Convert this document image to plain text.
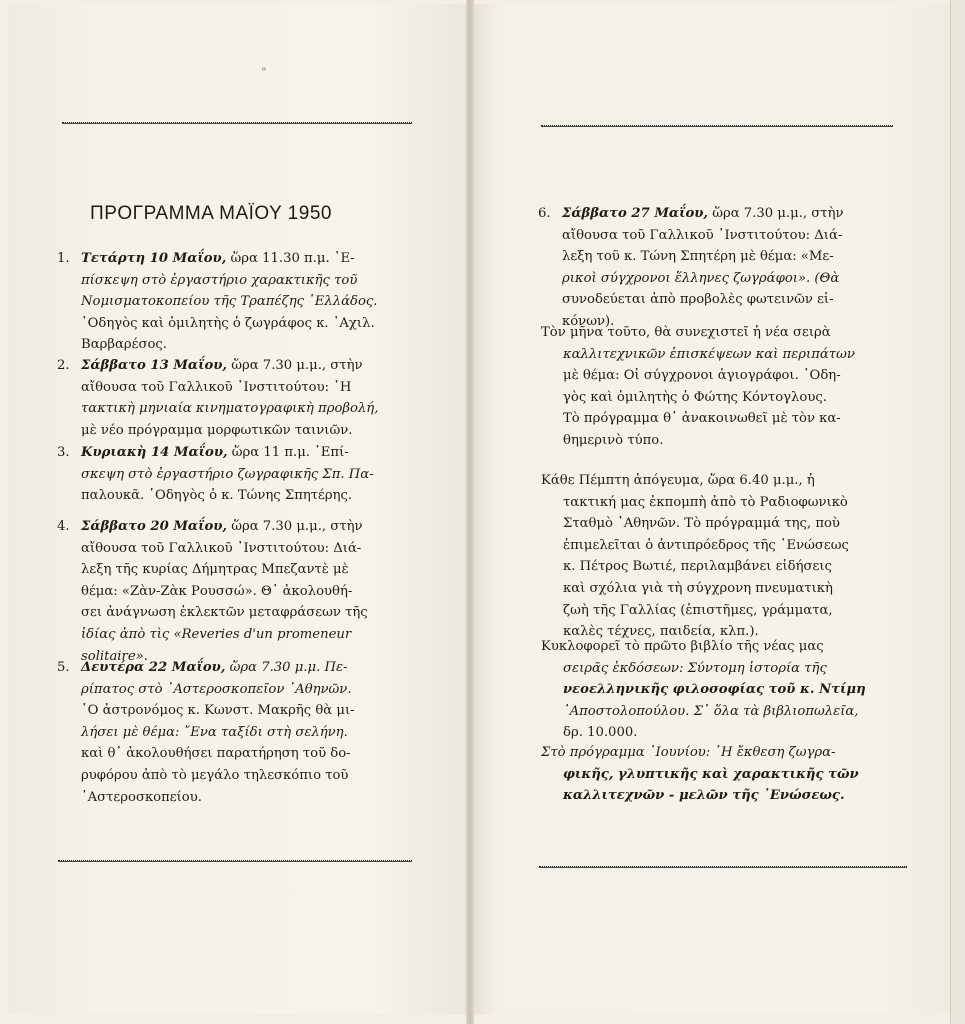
ᵒ
ΠΡΟΓΡΑΜΜΑ ΜΑΪΟΥ 1950
1. Τετάρτη 10 Μαΐου, ὥρα 11.30 π.μ. ᾿Ε-
πίσκεψη στὸ ἐργαστήριο χαρακτικῆς τοῦ
Νομισματοκοπείου τῆς Τραπέζης ῾Ελλάδος.
῾Οδηγὸς καὶ ὁμιλητὴς ὁ ζωγράφος κ. ᾿Αχιλ.
Βαρβαρέσος.
2. Σάββατο 13 Μαΐου, ὥρα 7.30 μ.μ., στὴν
αἴθουσα τοῦ Γαλλικοῦ ᾿Ινστιτούτου: ῾Η
τακτικὴ μηνιαία κινηματογραφικὴ προβολή,
μὲ νέο πρόγραμμα μορφωτικῶν ταινιῶν.
3. Κυριακὴ 14 Μαΐου, ὥρα 11 π.μ. ᾿Επί-
σκεψη στὸ ἐργαστήριο ζωγραφικῆς Σπ. Πα-
παλουκᾶ. ῾Οδηγὸς ὁ κ. Τώνης Σπητέρης.
4. Σάββατο 20 Μαΐου, ὥρα 7.30 μ.μ., στὴν
αἴθουσα τοῦ Γαλλικοῦ ᾿Ινστιτούτου: Διά-
λεξη τῆς κυρίας Δήμητρας Μπεζαντὲ μὲ
θέμα: «Ζὰν-Ζὰκ Ρουσσώ». Θ᾿ ἀκολουθή-
σει ἀνάγνωση ἐκλεκτῶν μεταφράσεων τῆς
ἰδίας ἀπὸ τὶς «Reveries d'un promeneur
solitaire».
5. Δευτέρα 22 Μαΐου, ὥρα 7.30 μ.μ. Πε-
ρίπατος στὸ ᾿Αστεροσκοπεῖον ᾿Αθηνῶν.
῾Ο ἀστρονόμος κ. Κωνστ. Μακρῆς θὰ μι-
λήσει μὲ θέμα: ῎Ενα ταξίδι στὴ σελήνη.
καὶ θ᾿ ἀκολουθήσει παρατήρηση τοῦ δο-
ρυφόρου ἀπὸ τὸ μεγάλο τηλεσκόπιο τοῦ
᾿Αστεροσκοπείου.
6. Σάββατο 27 Μαΐου, ὥρα 7.30 μ.μ., στὴν
αἴθουσα τοῦ Γαλλικοῦ ᾿Ινστιτούτου: Διά-
λεξη τοῦ κ. Τώνη Σπητέρη μὲ θέμα: «Με-
ρικοὶ σύγχρονοι ἕλληνες ζωγράφοι». (Θὰ
συνοδεύεται ἀπὸ προβολὲς φωτεινῶν εἰ-
κόνων).
Τὸν μῆνα τοῦτο, θὰ συνεχιστεῖ ἡ νέα σειρὰ
καλλιτεχνικῶν ἐπισκέψεων καὶ περιπάτων
μὲ θέμα: Οἱ σύγχρονοι ἁγιογράφοι. ῾Οδη-
γὸς καὶ ὁμιλητὴς ὁ Φώτης Κόντογλους.
Τὸ πρόγραμμα θ᾿ ἀνακοινωθεῖ μὲ τὸν κα-
θημερινὸ τύπο.
Κάθε Πέμπτη ἀπόγευμα, ὥρα 6.40 μ.μ., ἡ
τακτική μας ἐκπομπὴ ἀπὸ τὸ Ραδιοφωνικὸ
Σταθμὸ ᾿Αθηνῶν. Τὸ πρόγραμμά της, ποὺ
ἐπιμελεῖται ὁ ἀντιπρόεδρος τῆς ῾Ενώσεως
κ. Πέτρος Βωτιέ, περιλαμβάνει εἰδήσεις
καὶ σχόλια γιὰ τὴ σύγχρονη πνευματικὴ
ζωὴ τῆς Γαλλίας (ἐπιστῆμες, γράμματα,
καλὲς τέχνες, παιδεία, κλπ.).
Κυκλοφορεῖ τὸ πρῶτο βιβλίο τῆς νέας μας
σειρᾶς ἐκδόσεων: Σύντομη ἱστορία τῆς
νεοελληνικῆς φιλοσοφίας τοῦ κ. Ντίμη
᾿Αποστολοπούλου. Σ᾿ ὅλα τὰ βιβλιοπωλεῖα,
δρ. 10.000.
Στὸ πρόγραμμα ᾿Ιουνίου: ῾Η ἔκθεση ζωγρα-
φικῆς, γλυπτικῆς καὶ χαρακτικῆς τῶν
καλλιτεχνῶν - μελῶν τῆς ῾Ενώσεως.
